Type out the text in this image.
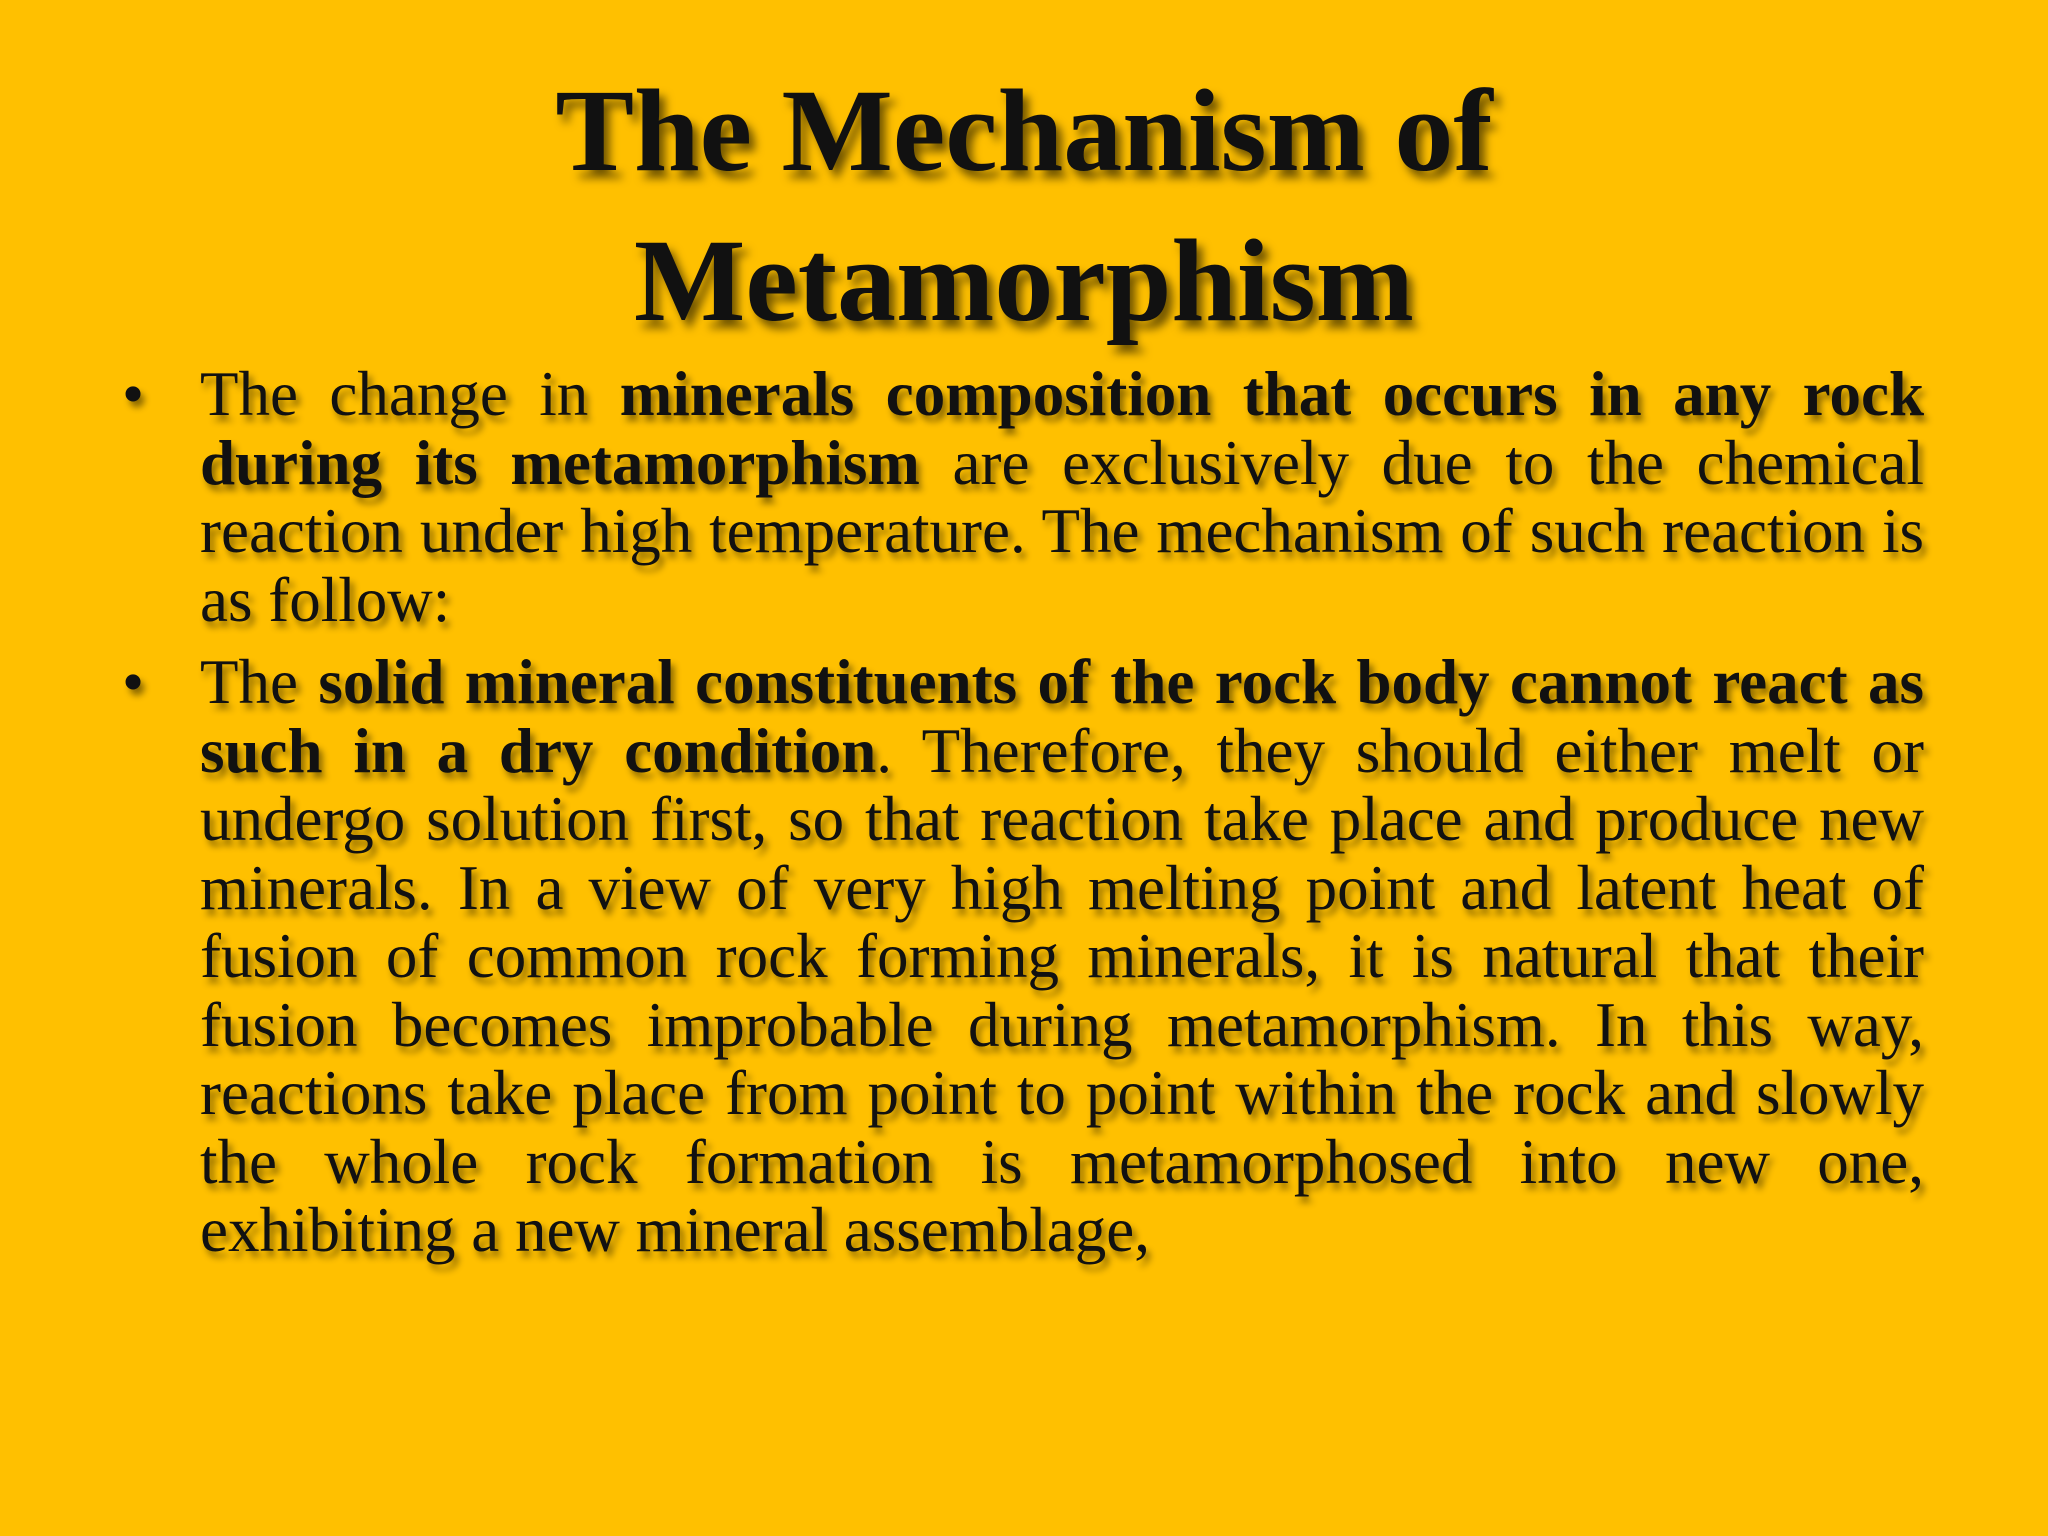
The Mechanism of
Metamorphism
• The change in minerals composition that occurs in any rock during its metamorphism are exclusively due to the chemical reaction under high temperature. The mechanism of such reaction is as follow:
• The solid mineral constituents of the rock body cannot react as such in a dry condition. Therefore, they should either melt or undergo solution first, so that reaction take place and produce new minerals. In a view of very high melting point and latent heat of fusion of common rock forming minerals, it is natural that their fusion becomes improbable during metamorphism. In this way, reactions take place from point to point within the rock and slowly the whole rock formation is metamorphosed into new one, exhibiting a new mineral assemblage,
